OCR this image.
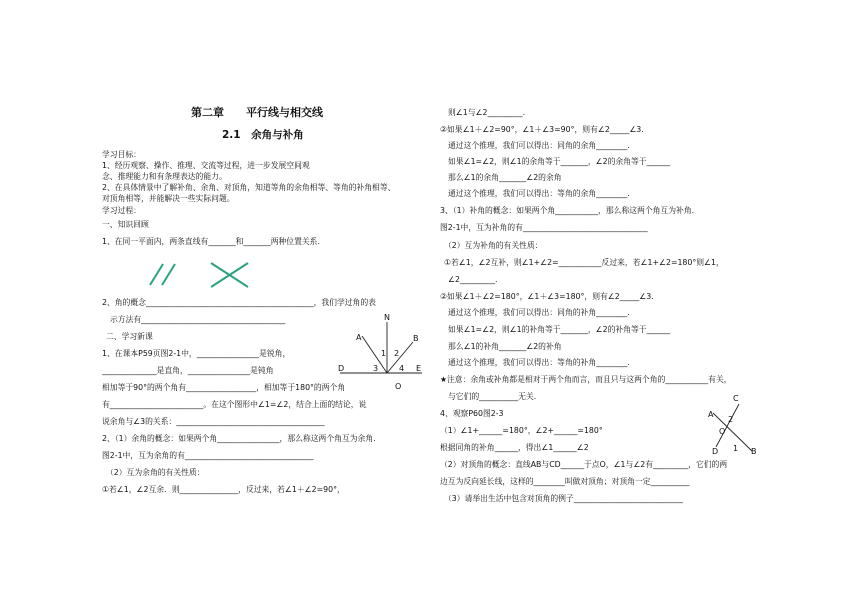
第二章　　平行线与相交线
2.1　余角与补角
学习目标：
1、经历观察、操作、推理、交流等过程，进一步发展空间观
念、推理能力和有条理表达的能力。
2、在具体情景中了解补角、余角、对顶角，知道等角的余角相等、等角的补角相等、
对顶角相等，并能解决一些实际问题。
学习过程：
一、知识回顾
1、在同一平面内，两条直线有_______和_______两种位置关系.
2、角的概念___________________________________________，我们学过角的表
示方法有_____________________________________
二、学习新课
1、在课本P59页图2-1中，________________是锐角，
______________是直角，________________是钝角
相加等于90°的两个角有__________________，相加等于180°的两个角
有________________________。在这个图形中∠1=∠2，结合上面的结论，说
说余角与∠3的关系：______________________________________
2、（1）余角的概念：如果两个角________________，那么称这两个角互为余角.
图2-1中，互为余角的有_________________________________
（2）互为余角的有关性质：
①若∠1，∠2互余．则_______________，反过来，若∠1＋∠2=90°，
N
A	B
D	E
O
1 2
3	4
则∠1与∠2_________.
②如果∠1＋∠2=90°，∠1＋∠3=90°，则有∠2_____∠3.
通过这个推理，我们可以得出：同角的余角________.
如果∠1=∠2，则∠1的余角等于_______，∠2的余角等于______
那么∠1的余角_______∠2的余角
通过这个推理，我们可以得出：等角的余角________.
3、（1）补角的概念：如果两个角___________，那么称这两个角互为补角.
图2-1中，互为补角的有________________________________
（2）互为补角的有关性质：
①若∠1，∠2互补，则∠1+∠2=___________反过来，若∠1+∠2=180°则∠1，
∠2_________.
②如果∠1＋∠2=180°，∠1＋∠3=180°，则有∠2_____∠3.
通过这个推理，我们可以得出：同角的补角________.
如果∠1=∠2，则∠1的补角等于_______，∠2的补角等于______
那么∠1的补角_______∠2的补角
通过这个推理，我们可以得出：等角的补角________.
★注意：余角或补角都是相对于两个角而言，而且只与这两个角的___________有关，
与它们的__________无关.
4、观察P60图2-3
（1）∠1+______=180°，∠2+______=180°
根据同角的补角______，得出∠1______∠2
（2）对顶角的概念：直线AB与CD______于点O，∠1与∠2有_________，它们的两
边互为反向延长线，这样的________叫做对顶角；对顶角一定__________
（3）请举出生活中包含对顶角的例子____________________________
C
A
O
D	B
2
1
